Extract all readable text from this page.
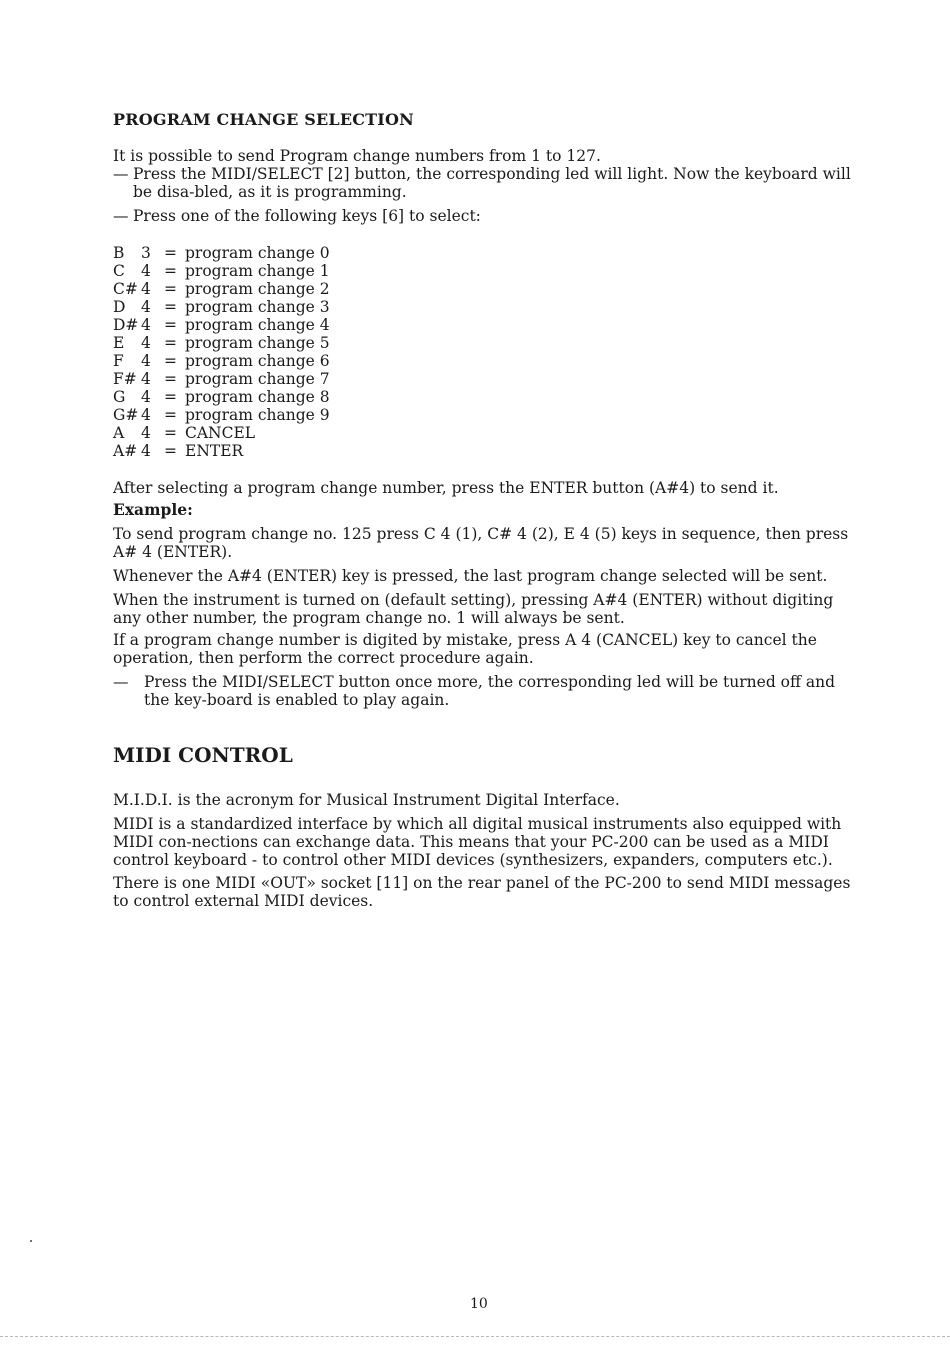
PROGRAM CHANGE SELECTION
It is possible to send Program change numbers from 1 to 127.
— Press the MIDI/SELECT [2] button, the corresponding led will light. Now the keyboard will be disa-bled, as it is programming.
— Press one of the following keys [6] to select:
B 3 = program change 0
C 4 = program change 1
C# 4 = program change 2
D 4 = program change 3
D# 4 = program change 4
E 4 = program change 5
F 4 = program change 6
F# 4 = program change 7
G 4 = program change 8
G# 4 = program change 9
A 4 = CANCEL
A# 4 = ENTER
After selecting a program change number, press the ENTER button (A#4) to send it.
Example:
To send program change no. 125 press C 4 (1), C# 4 (2), E 4 (5) keys in sequence, then press A# 4 (ENTER).
Whenever the A#4 (ENTER) key is pressed, the last program change selected will be sent.
When the instrument is turned on (default setting), pressing A#4 (ENTER) without digiting any other number, the program change no. 1 will always be sent.
If a program change number is digited by mistake, press A 4 (CANCEL) key to cancel the operation, then perform the correct procedure again.
—	Press the MIDI/SELECT button once more, the corresponding led will be turned off and the key-board is enabled to play again.
MIDI CONTROL
M.I.D.I. is the acronym for Musical Instrument Digital Interface.
MIDI is a standardized interface by which all digital musical instruments also equipped with MIDI con-nections can exchange data. This means that your PC-200 can be used as a MIDI control keyboard - to control other MIDI devices (synthesizers, expanders, computers etc.).
There is one MIDI «OUT» socket [11] on the rear panel of the PC-200 to send MIDI messages to control external MIDI devices.
10
